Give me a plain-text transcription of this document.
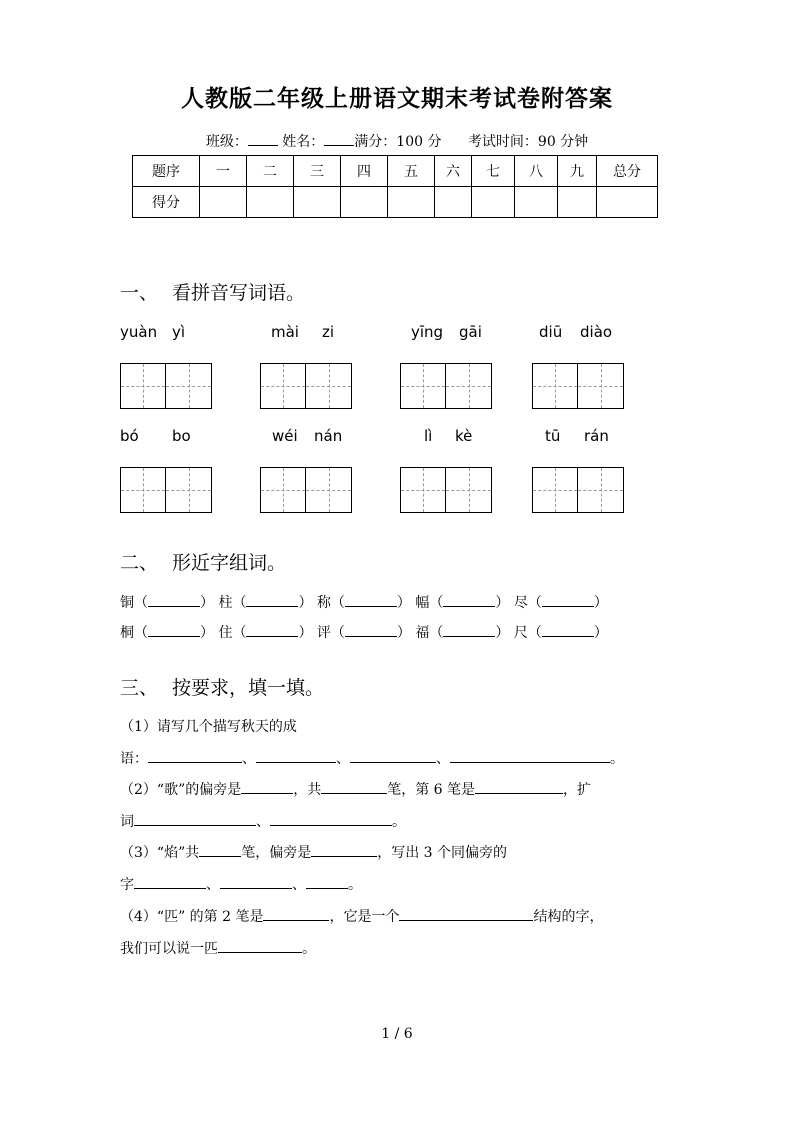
人教版二年级上册语文期末考试卷附答案
班级： 姓名： 满分：100 分 考试时间：90 分钟
题序	一	二	三	四	五	六	七	八	九	总分
得分										
一、 看拼音写词语。
yuàn yì	mài zi	yīng gāi	diū diào
bó bo	wéi nán	lì kè	tū rán
二、 形近字组词。
铜（	） 柱（	） 称（	） 幅（	） 尽（	）
桐（	） 住（	） 评（	） 福（	） 尺（	）
三、 按要求，填一填。
（1）请写几个描写秋天的成
语：	、	、	、	。
（2）“歌”的偏旁是	，共	笔，第 6 笔是	，扩
词	、	。
（3）“焰”共	笔，偏旁是	，写出 3 个同偏旁的
字	、	、	。
（4）“匹” 的第 2 笔是	，它是一个	结构的字，
我们可以说一匹	。
1 / 6
